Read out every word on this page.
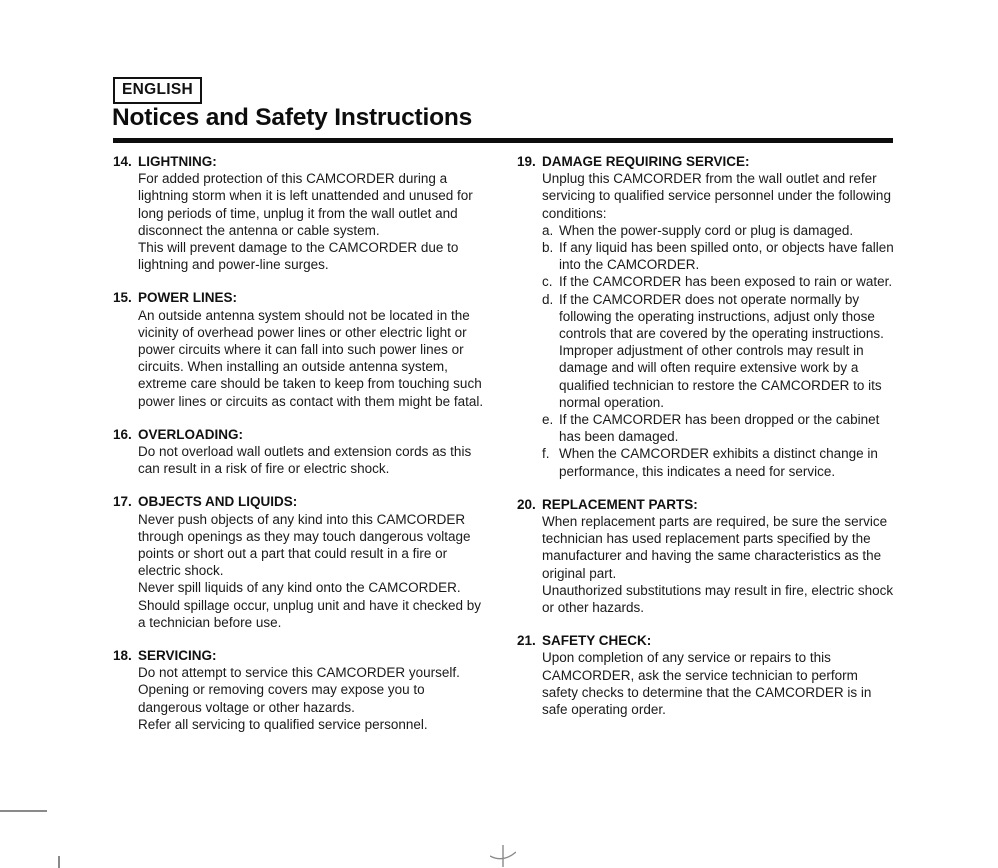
ENGLISH
Notices and Safety Instructions
14. LIGHTNING:

For added protection of this CAMCORDER during a lightning storm when it is left unattended and unused for long periods of time, unplug it from the wall outlet and disconnect the antenna or cable system.

This will prevent damage to the CAMCORDER due to lightning and power-line surges.

15. POWER LINES:

An outside antenna system should not be located in the vicinity of overhead power lines or other electric light or power circuits where it can fall into such power lines or circuits. When installing an outside antenna system, extreme care should be taken to keep from touching such power lines or circuits as contact with them might be fatal.

16. OVERLOADING:

Do not overload wall outlets and extension cords as this can result in a risk of fire or electric shock.

17. OBJECTS AND LIQUIDS:

Never push objects of any kind into this CAMCORDER through openings as they may touch dangerous voltage points or short out a part that could result in a fire or electric shock.

Never spill liquids of any kind onto the CAMCORDER. Should spillage occur, unplug unit and have it checked by a technician before use.

18. SERVICING:

Do not attempt to service this CAMCORDER yourself.

Opening or removing covers may expose you to dangerous voltage or other hazards.

Refer all servicing to qualified service personnel.

19. DAMAGE REQUIRING SERVICE:

Unplug this CAMCORDER from the wall outlet and refer servicing to qualified service personnel under the following conditions:

a. When the power-supply cord or plug is damaged.
b. If any liquid has been spilled onto, or objects have fallen into the CAMCORDER.
c. If the CAMCORDER has been exposed to rain or water.
d. If the CAMCORDER does not operate normally by following the operating instructions, adjust only those controls that are covered by the operating instructions. Improper adjustment of other controls may result in damage and will often require extensive work by a qualified technician to restore the CAMCORDER to its normal operation.
e. If the CAMCORDER has been dropped or the cabinet has been damaged.
f. When the CAMCORDER exhibits a distinct change in performance, this indicates a need for service.
20. REPLACEMENT PARTS:

When replacement parts are required, be sure the service technician has used replacement parts specified by the manufacturer and having the same characteristics as the original part.

Unauthorized substitutions may result in fire, electric shock or other hazards.

21. SAFETY CHECK:

Upon completion of any service or repairs to this CAMCORDER, ask the service technician to perform safety checks to determine that the CAMCORDER is in safe operating order.
